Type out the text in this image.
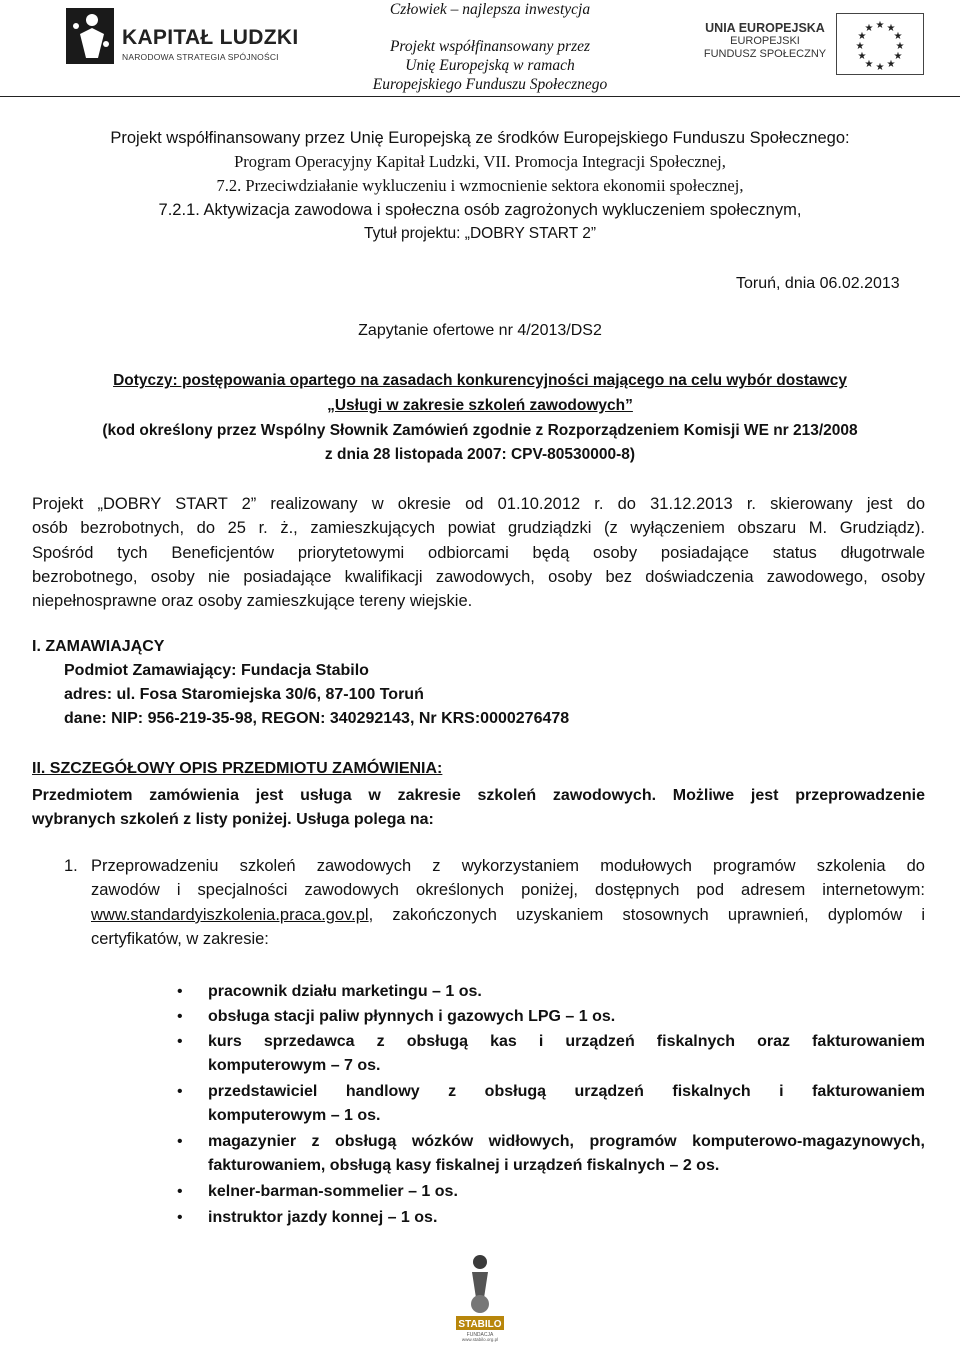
KAPITAŁ LUDZKI
NARODOWA STRATEGIA SPÓJNOŚCI
Człowiek – najlepsza inwestycja
Projekt współfinansowany przez
Unię Europejską w ramach
Europejskiego Funduszu Społecznego
UNIA EUROPEJSKA
EUROPEJSKI
FUNDUSZ SPOŁECZNY
★ ★
★
★
★
★
★
★
★
★
★
★
Projekt współfinansowany przez Unię Europejską ze środków Europejskiego Funduszu Społecznego:
Program Operacyjny Kapitał Ludzki, VII. Promocja Integracji Społecznej,
7.2. Przeciwdziałanie wykluczeniu i wzmocnienie sektora ekonomii społecznej,
7.2.1. Aktywizacja zawodowa i społeczna osób zagrożonych wykluczeniem społecznym,
Tytuł projektu: „DOBRY START 2”
Toruń, dnia 06.02.2013
Zapytanie ofertowe nr 4/2013/DS2
Dotyczy: postępowania opartego na zasadach konkurencyjności mającego na celu wybór dostawcy
„Usługi w zakresie szkoleń zawodowych”
(kod określony przez Wspólny Słownik Zamówień zgodnie z Rozporządzeniem Komisji WE nr 213/2008
z dnia 28 listopada 2007: CPV-80530000-8)
Projekt „DOBRY START 2” realizowany w okresie od 01.10.2012 r. do 31.12.2013 r. skierowany jest do
osób bezrobotnych, do 25 r. ż., zamieszkujących powiat grudziądzki (z wyłączeniem obszaru M. Grudziądz).
Spośród tych Beneficjentów priorytetowymi odbiorcami będą osoby posiadające status długotrwale
bezrobotnego, osoby nie posiadające kwalifikacji zawodowych, osoby bez doświadczenia zawodowego, osoby
niepełnosprawne oraz osoby zamieszkujące tereny wiejskie.
I. ZAMAWIAJĄCY
Podmiot Zamawiający: Fundacja Stabilo
adres: ul. Fosa Staromiejska 30/6, 87-100 Toruń
dane: NIP: 956-219-35-98, REGON: 340292143, Nr KRS:0000276478
II. SZCZEGÓŁOWY OPIS PRZEDMIOTU ZAMÓWIENIA:
Przedmiotem zamówienia jest usługa w zakresie szkoleń zawodowych. Możliwe jest przeprowadzenie
wybranych szkoleń z listy poniżej. Usługa polega na:
1. Przeprowadzeniu szkoleń zawodowych z wykorzystaniem modułowych programów szkolenia do
zawodów i specjalności zawodowych określonych poniżej, dostępnych pod adresem internetowym:
www.standardyiszkolenia.praca.gov.pl , zakończonych uzyskaniem stosownych uprawnień, dyplomów i
certyfikatów, w zakresie:
• pracownik działu marketingu – 1 os.
• obsługa stacji paliw płynnych i gazowych LPG – 1 os.
• kurs sprzedawca z obsługą kas i urządzeń fiskalnych oraz fakturowaniem
komputerowym – 7 os.
• przedstawiciel handlowy z obsługą urządzeń fiskalnych i fakturowaniem
komputerowym – 1 os.
• magazynier z obsługą wózków widłowych, programów komputerowo-magazynowych,
fakturowaniem, obsługą kasy fiskalnej i urządzeń fiskalnych – 2 os.
• kelner-barman-sommelier – 1 os.
• instruktor jazdy konnej – 1 os.
STABILO
FUNDACJA
www.stabilo.org.pl
